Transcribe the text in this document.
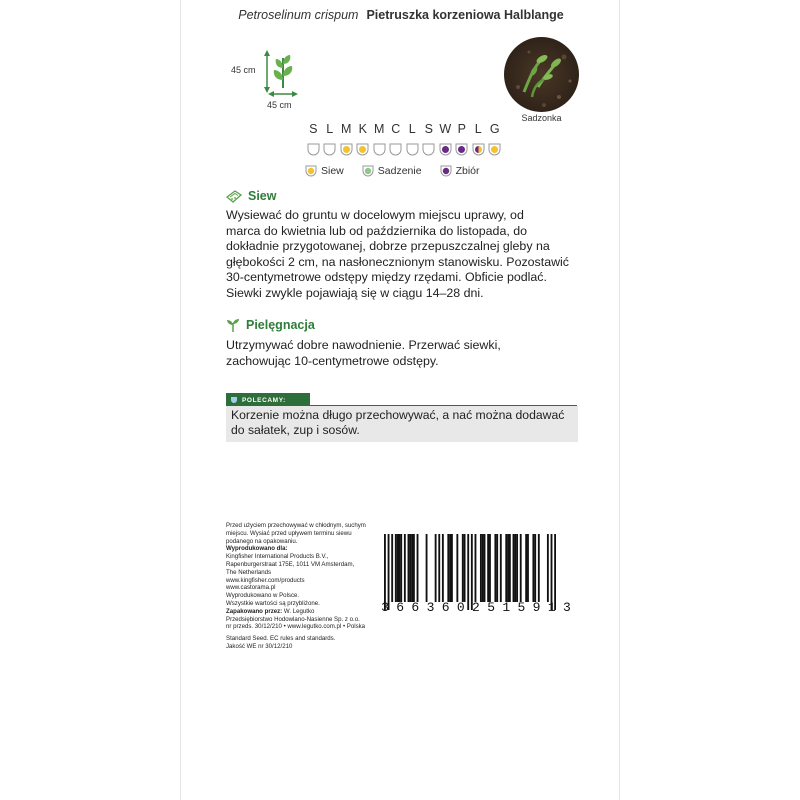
Petroselinum crispum Pietruszka korzeniowa Halblange
45 cm
45 cm
Sadzonka
S L M K M C L S W P L G
Siew	Sadzenie	Zbiór
Siew
Wysiewać do gruntu w docelowym miejscu uprawy, od
marca do kwietnia lub od października do listopada, do
dokładnie przygotowanej, dobrze przepuszczalnej gleby na
głębokości 2 cm, na nasłonecznionym stanowisku. Pozostawić
30-centymetrowe odstępy między rzędami. Obficie podlać.
Siewki zwykle pojawiają się w ciągu 14–28 dni.
Pielęgnacja
Utrzymywać dobre nawodnienie. Przerwać siewki,
zachowując 10-centymetrowe odstępy.
POLECAMY:
Korzenie można długo przechowywać, a nać można dodawać
do sałatek, zup i sosów.
Przed użyciem przechowywać w chłodnym, suchym
miejscu. Wysiać przed upływem terminu siewu
podanego na opakowaniu.
Wyprodukowano dla:
Kingfisher International Products B.V.,
Rapenburgerstraat 175E, 1011 VM Amsterdam,
The Netherlands
www.kingfisher.com/products
www.castorama.pl
Wyprodukowano w Polsce.
Wszystkie wartości są przybliżone.
Zapakowano przez: W. Legutko
Przedsiębiorstwo Hodowlano-Nasienne Sp. z o.o.
nr przeds. 30/12/210 • www.legutko.com.pl • Polska
Standard Seed. EC rules and standards.
Jakość WE nr 30/12/210
3 6 6 3 6 0 2 5 1 5 9 1 3
